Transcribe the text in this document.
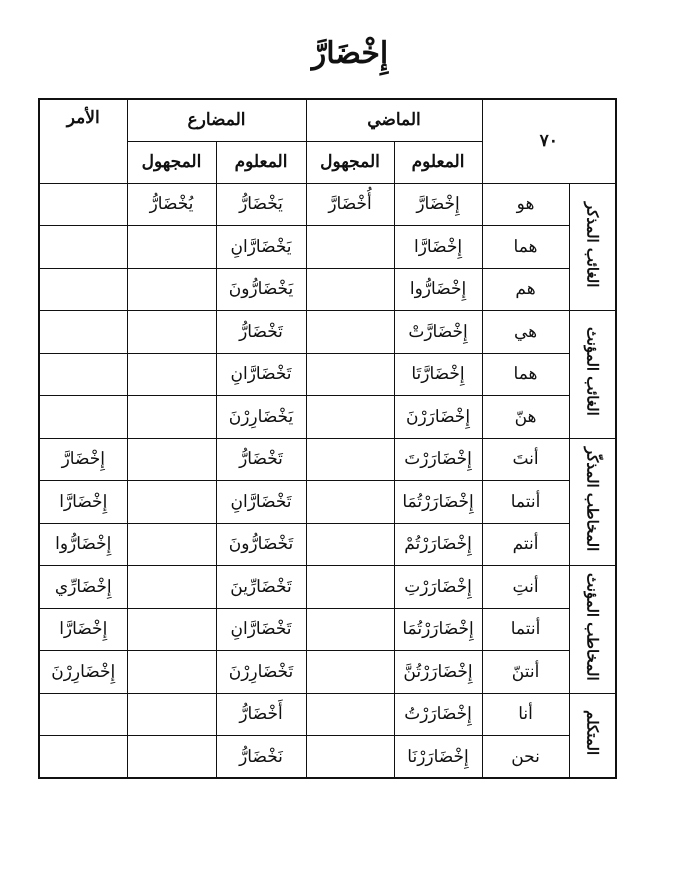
إِخْضَارَّ
الأمر	المضارع		الماضي		٧٠	
	المجهول	المعلوم	المجهول	المعلوم		
	يُخْضَارُّ	يَخْضَارُّ	أُخْضَارَّ	إِخْضَارَّ	هو	الغائب المذكر
		يَخْضَارَّانِ		إِخْضَارَّا	هما	
		يَخْضَارُّونَ		إِخْضَارُّوا	هم	
		تَخْضَارُّ		إِخْضَارَّتْ	هي	الغائب المؤنث
		تَخْضَارَّانِ		إِخْضَارَّتَا	هما	
		يَخْضَارِرْنَ		إِخْضَارَرْنَ	هنّ	
إِخْضَارَّ		تَخْضَارُّ		إِخْضَارَرْتَ	أنتَ	المخاطب المذكّر
إِخْضَارَّا		تَخْضَارَّانِ		إِخْضَارَرْتُمَا	أنتما	
إِخْضَارُّوا		تَخْضَارُّونَ		إِخْضَارَرْتُمْ	أنتم	
إِخْضَارِّي		تَخْضَارِّينَ		إِخْضَارَرْتِ	أنتِ	المخاطب المؤنث
إِخْضَارَّا		تَخْضَارَّانِ		إِخْضَارَرْتُمَا	أنتما	
إِخْضَارِرْنَ		تَخْضَارِرْنَ		إِخْضَارَرْتُنَّ	أنتنّ	
		أَخْضَارُّ		إِخْضَارَرْتُ	أنا	المتكلم
		نَخْضَارُّ		إِخْضَارَرْنَا	نحن	
